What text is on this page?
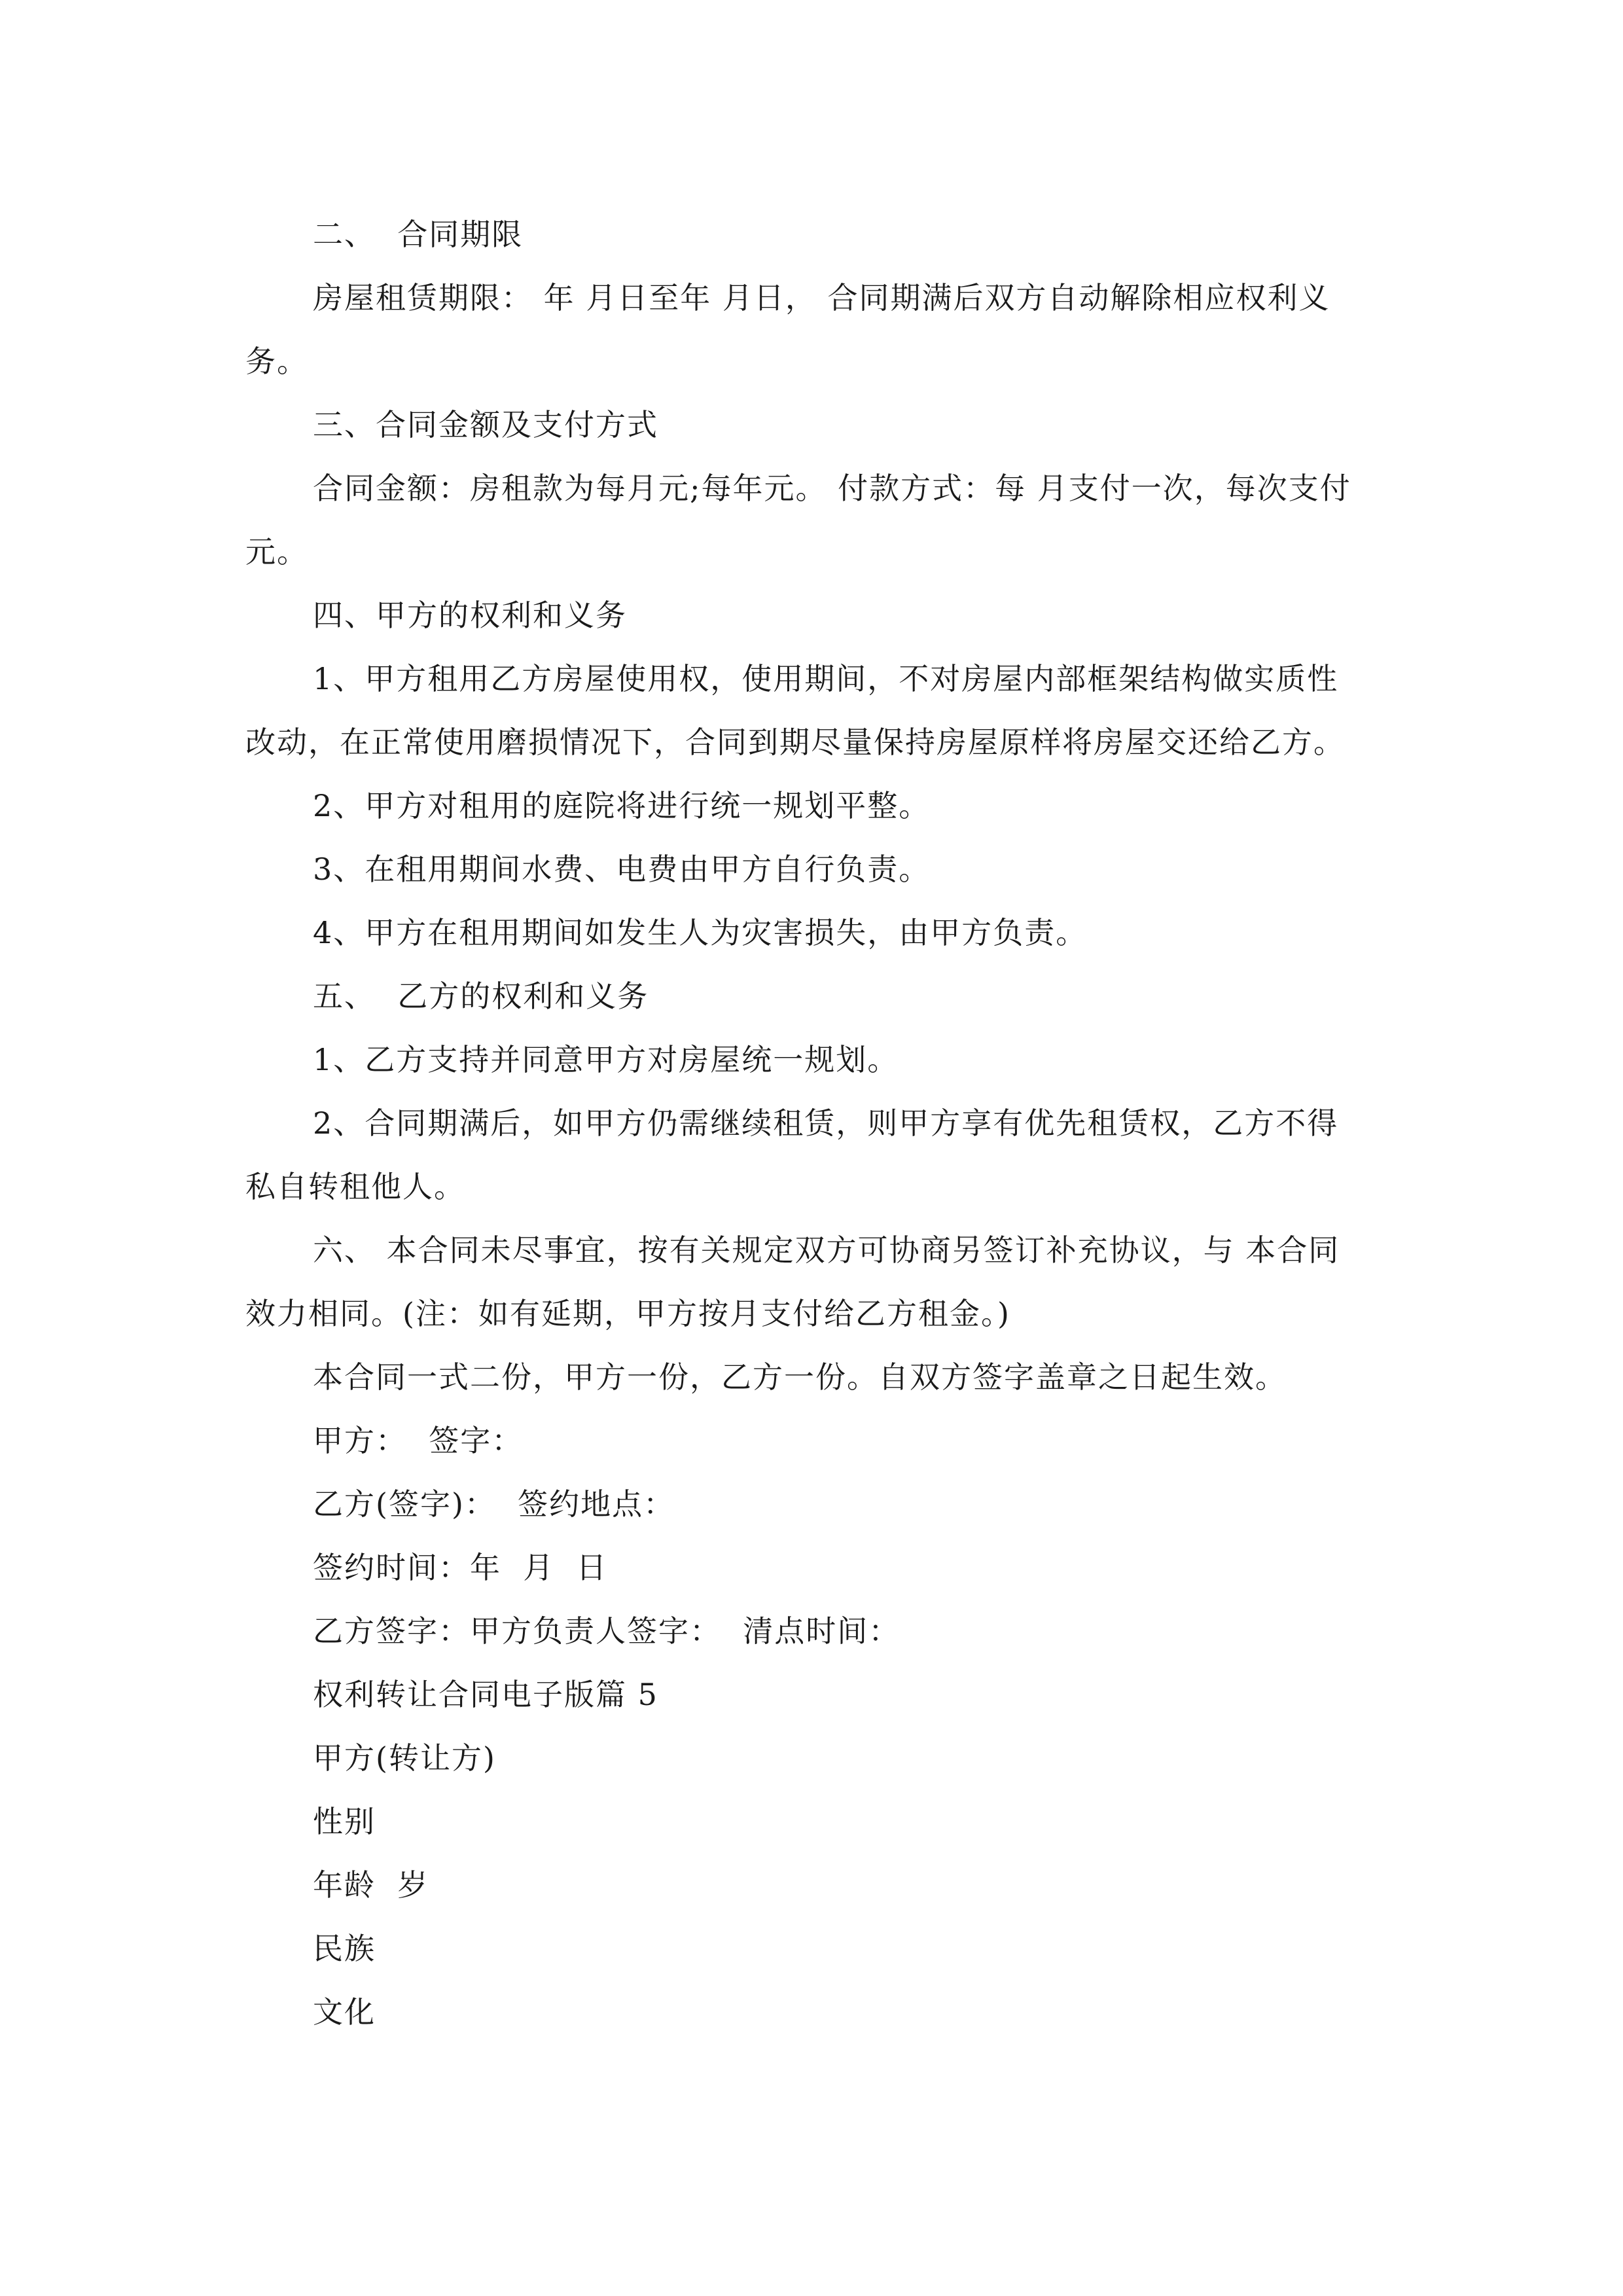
二、  合同期限
房屋租赁期限： 年 月日至年 月日， 合同期满后双方自动解除相应权利义
务。
三、合同金额及支付方式
合同金额：房租款为每月元;每年元。 付款方式：每 月支付一次，每次支付
元。
四、甲方的权利和义务
1、甲方租用乙方房屋使用权，使用期间，不对房屋内部框架结构做实质性
改动，在正常使用磨损情况下，合同到期尽量保持房屋原样将房屋交还给乙方。
2、甲方对租用的庭院将进行统一规划平整。
3、在租用期间水费、电费由甲方自行负责。
4、甲方在租用期间如发生人为灾害损失，由甲方负责。
五、  乙方的权利和义务
1、乙方支持并同意甲方对房屋统一规划。
2、合同期满后，如甲方仍需继续租赁，则甲方享有优先租赁权，乙方不得
私自转租他人。
六、 本合同未尽事宜，按有关规定双方可协商另签订补充协议，与 本合同
效力相同。(注：如有延期，甲方按月支付给乙方租金。)
本合同一式二份，甲方一份，乙方一份。自双方签字盖章之日起生效。
甲方：  签字：
乙方(签字)：  签约地点：
签约时间：年  月  日
乙方签字：甲方负责人签字：  清点时间：
权利转让合同电子版篇 5
甲方(转让方)
性别
年龄  岁
民族
文化
